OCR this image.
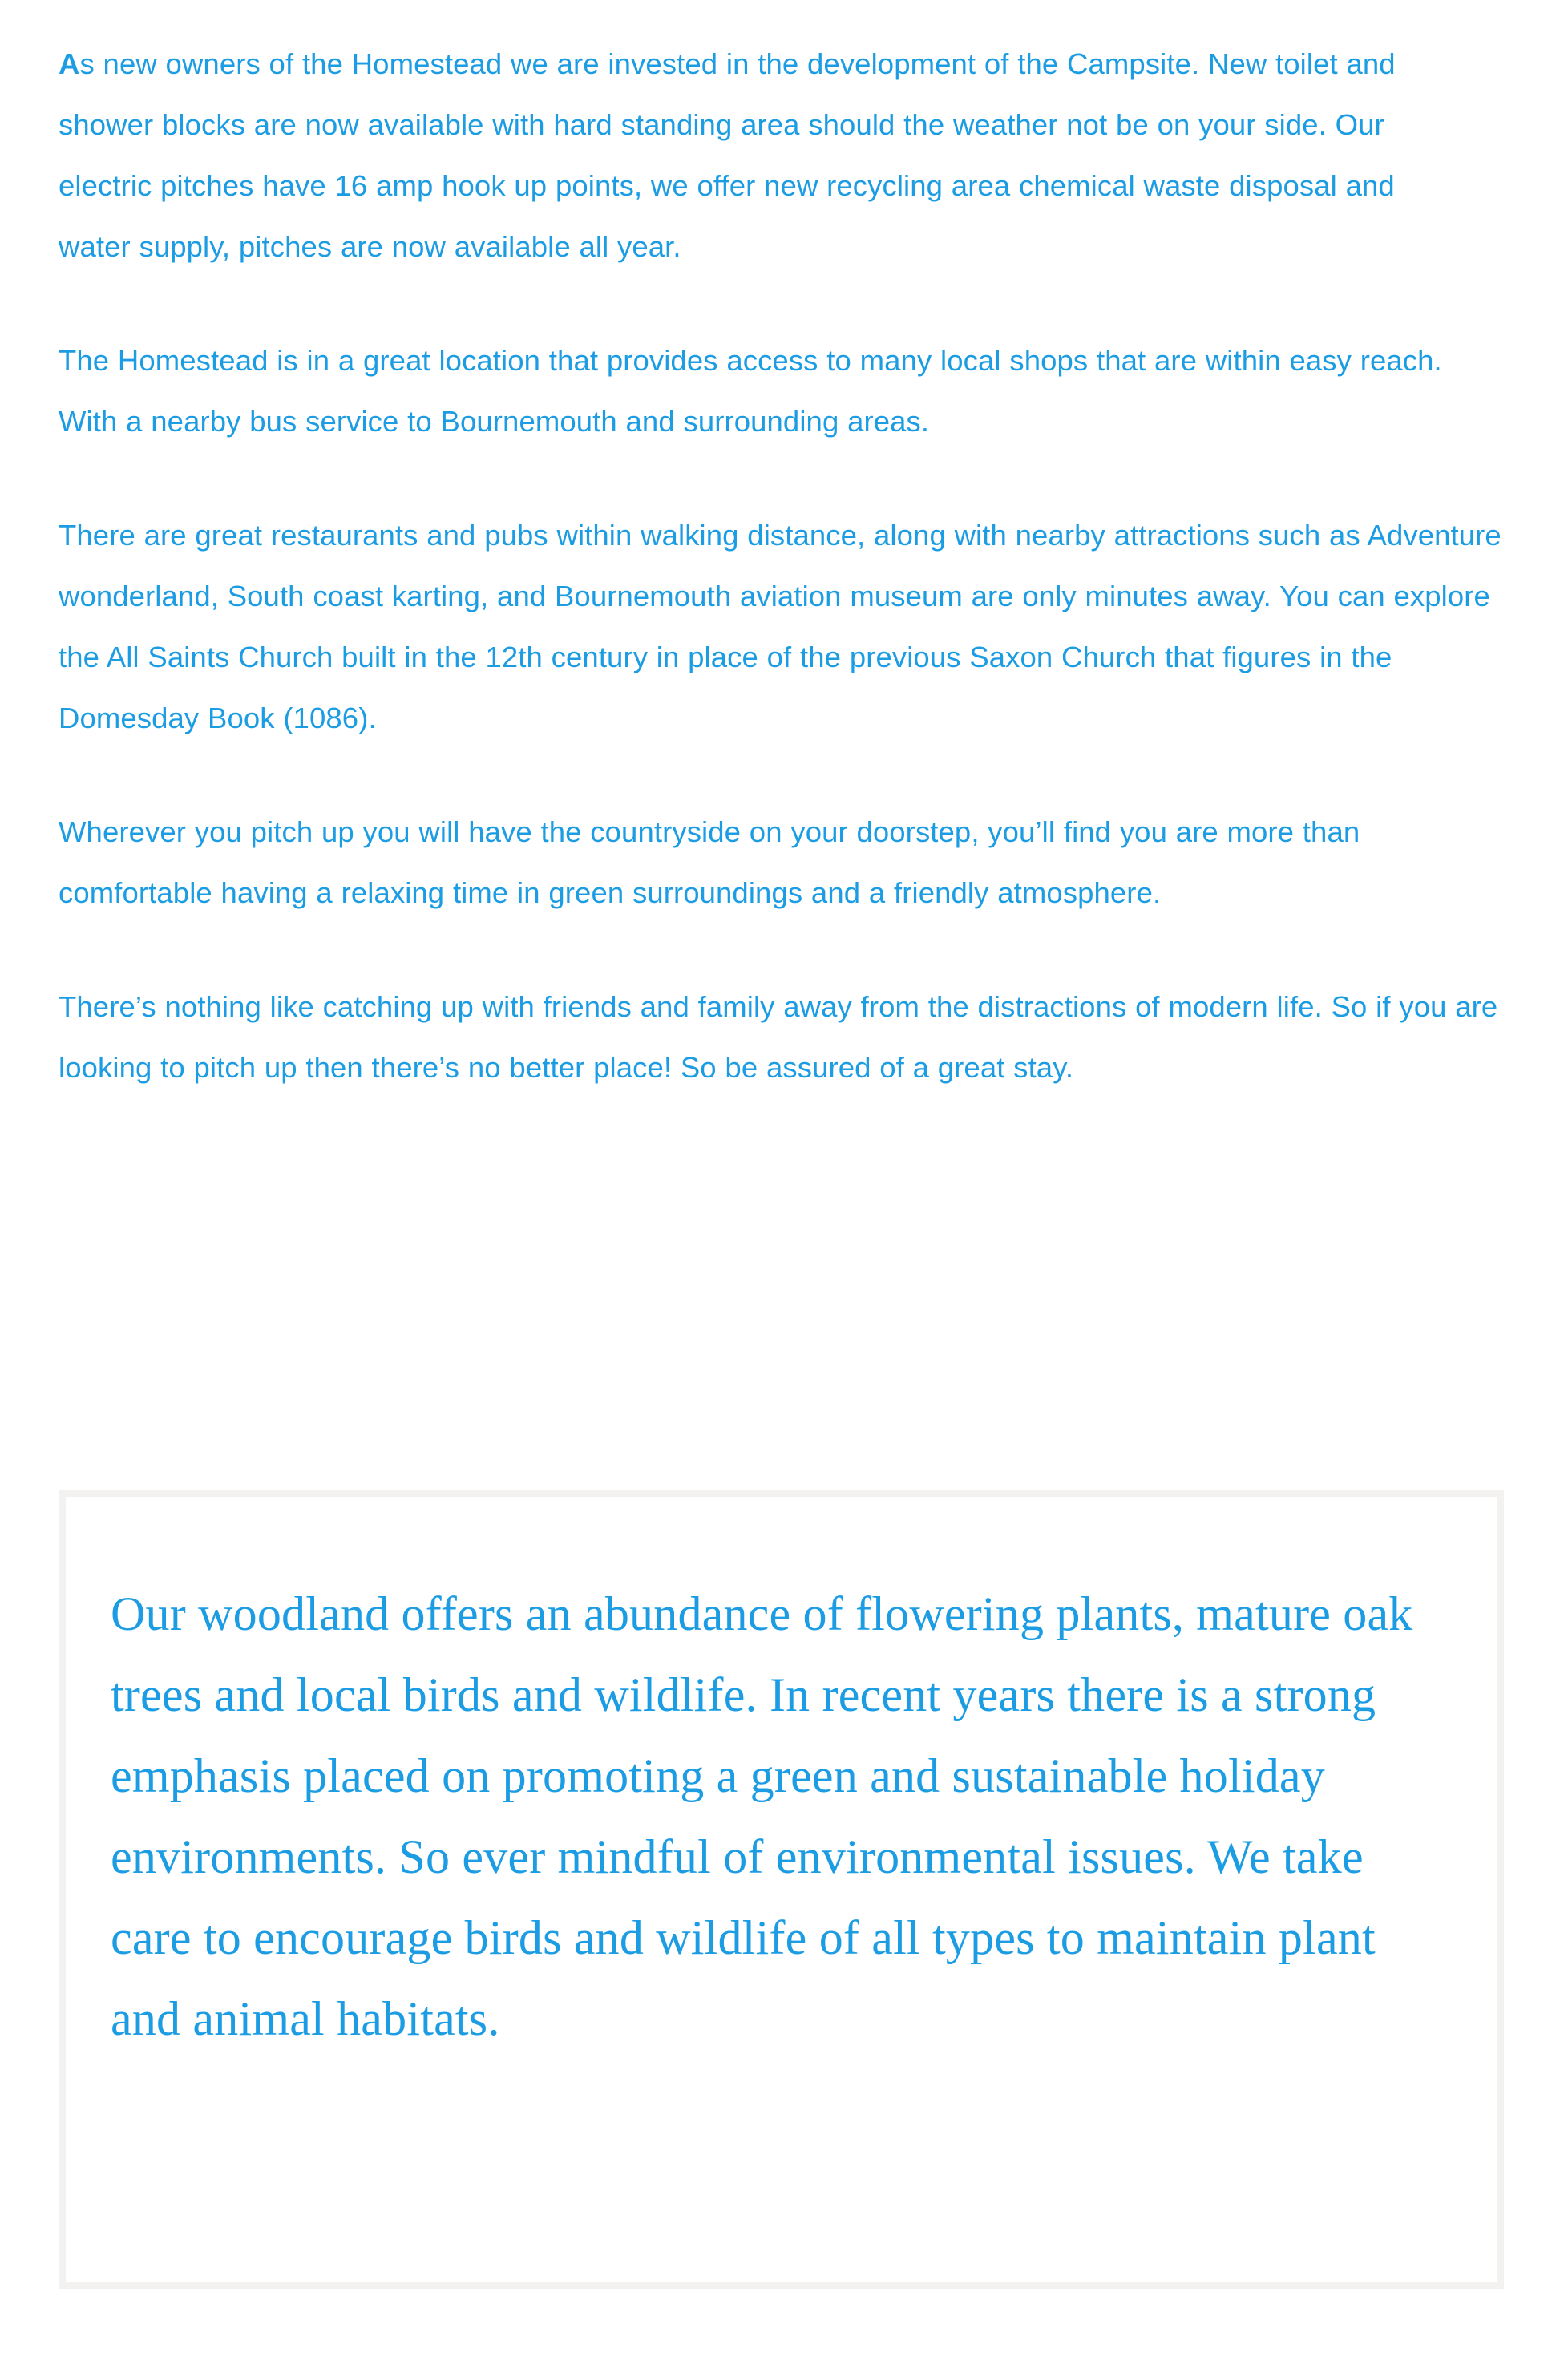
As new owners of the Homestead we are invested in the development of the Campsite. New toilet and shower blocks are now available with hard standing area should the weather not be on your side. Our electric pitches have 16 amp hook up points, we offer new recycling area chemical waste disposal and water supply, pitches are now available all year.

The Homestead is in a great location that provides access to many local shops that are within easy reach. With a nearby bus service to Bournemouth and surrounding areas.

There are great restaurants and pubs within walking distance, along with nearby attractions such as Adventure wonderland, South coast karting, and Bournemouth aviation museum are only minutes away. You can explore the All Saints Church built in the 12th century in place of the previous Saxon Church that figures in the Domesday Book (1086).

Wherever you pitch up you will have the countryside on your doorstep, you’ll find you are more than comfortable having a relaxing time in green surroundings and a friendly atmosphere.

There’s nothing like catching up with friends and family away from the distractions of modern life. So if you are looking to pitch up then there’s no better place! So be assured of a great stay.

Our woodland offers an abundance of flowering plants, mature oak trees and local birds and wildlife. In recent years there is a strong emphasis placed on promoting a green and sustainable holiday environments. So ever mindful of environmental issues. We take care to encourage birds and wildlife of all types to maintain plant and animal habitats.
